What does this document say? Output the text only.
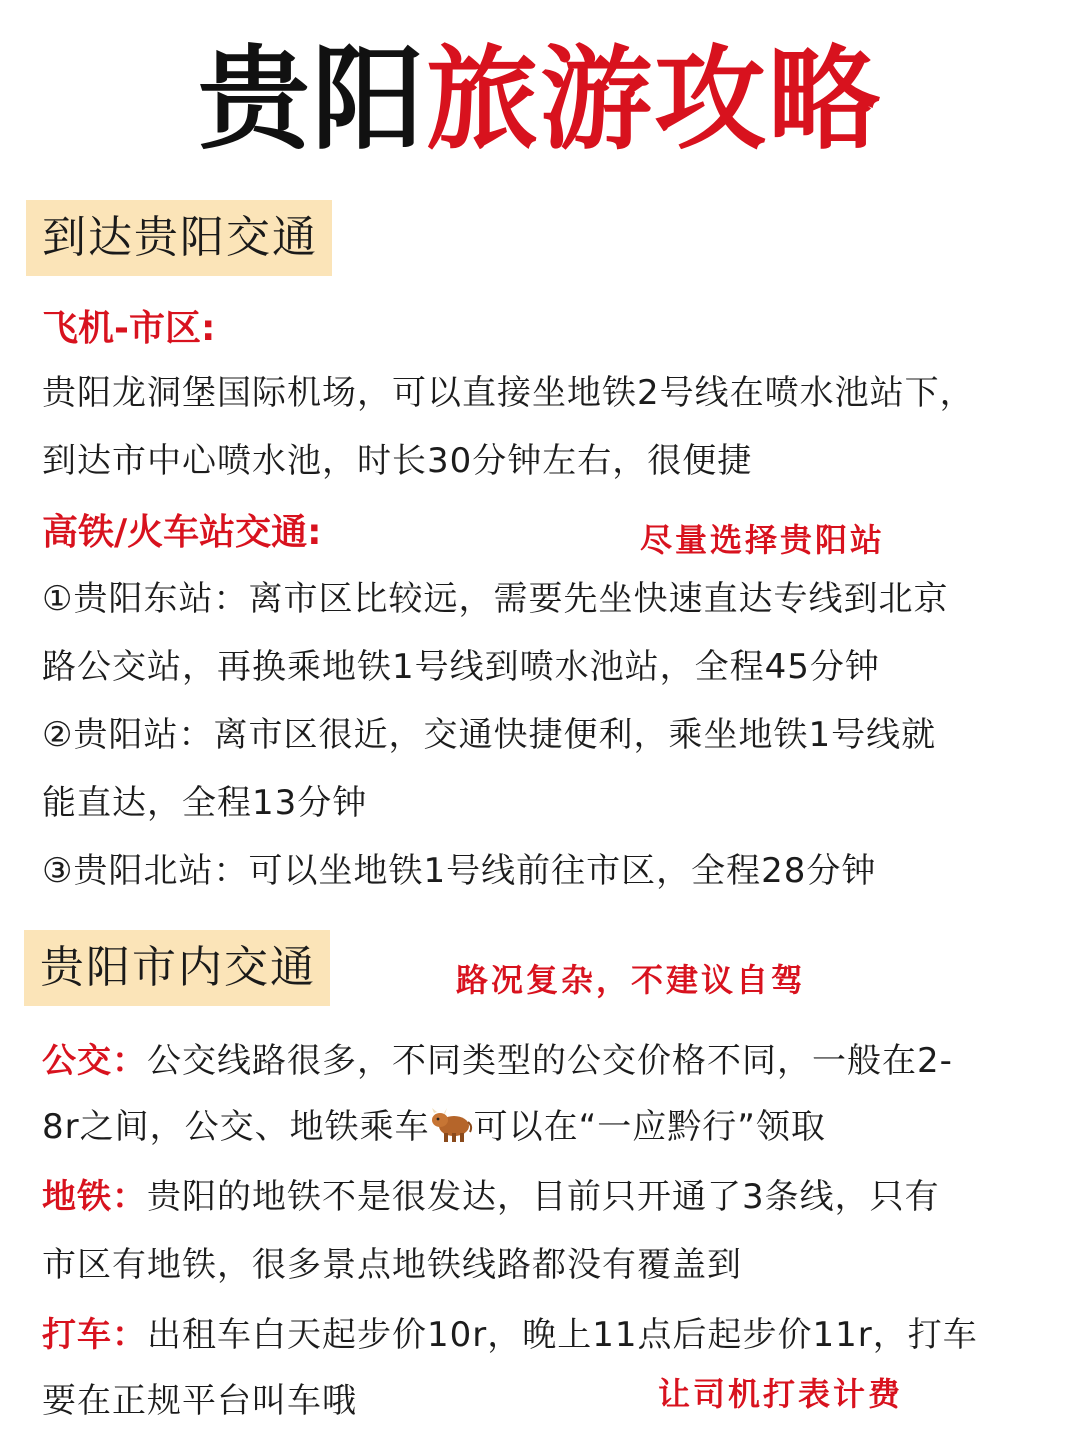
贵阳旅游攻略
到达贵阳交通
飞机-市区:
贵阳龙洞堡国际机场，可以直接坐地铁2号线在喷水池站下，
到达市中心喷水池，时长30分钟左右，很便捷
高铁/火车站交通:	尽量选择贵阳站
①贵阳东站：离市区比较远，需要先坐快速直达专线到北京
路公交站，再换乘地铁1号线到喷水池站，全程45分钟
②贵阳站：离市区很近，交通快捷便利，乘坐地铁1号线就
能直达，全程13分钟
③贵阳北站：可以坐地铁1号线前往市区，全程28分钟
贵阳市内交通	路况复杂，不建议自驾
公交：公交线路很多，不同类型的公交价格不同，一般在2-
8r之间，公交、地铁乘车 可以在“一应黔行”领取
地铁：贵阳的地铁不是很发达，目前只开通了3条线，只有
市区有地铁，很多景点地铁线路都没有覆盖到
打车：出租车白天起步价10r，晚上11点后起步价11r，打车
要在正规平台叫车哦	让司机打表计费
